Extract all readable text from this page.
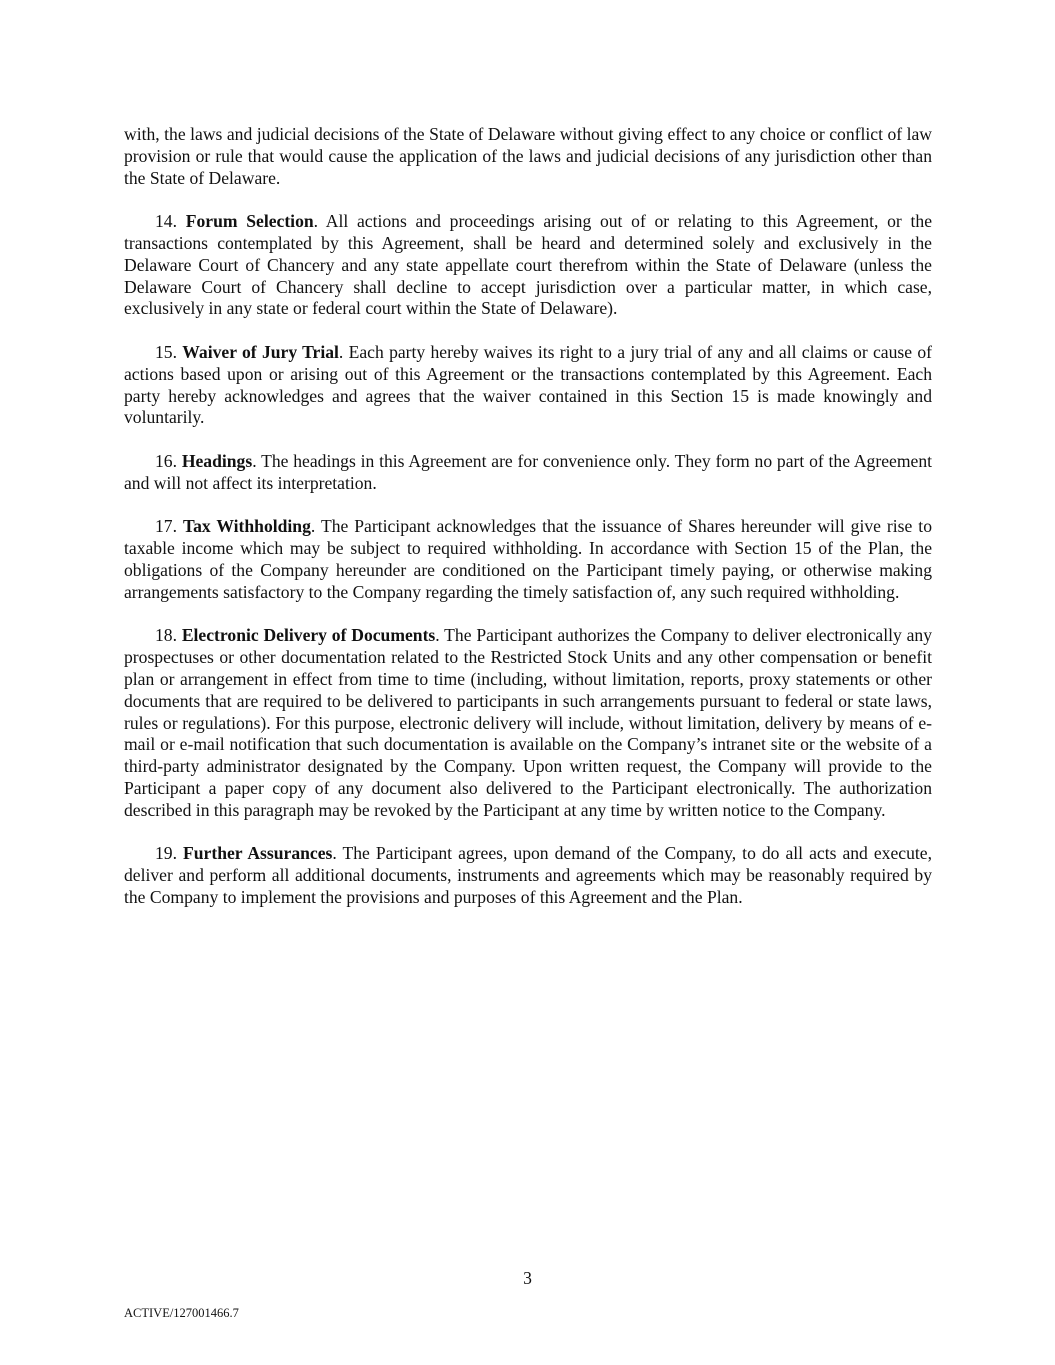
with, the laws and judicial decisions of the State of Delaware without giving effect to any choice or conflict of law provision or rule that would cause the application of the laws and judicial decisions of any jurisdiction other than the State of Delaware.

14. Forum Selection. All actions and proceedings arising out of or relating to this Agreement, or the transactions contemplated by this Agreement, shall be heard and determined solely and exclusively in the Delaware Court of Chancery and any state appellate court therefrom within the State of Delaware (unless the Delaware Court of Chancery shall decline to accept jurisdiction over a particular matter, in which case, exclusively in any state or federal court within the State of Delaware).

15. Waiver of Jury Trial. Each party hereby waives its right to a jury trial of any and all claims or cause of actions based upon or arising out of this Agreement or the transactions contemplated by this Agreement. Each party hereby acknowledges and agrees that the waiver contained in this Section 15 is made knowingly and voluntarily.

16. Headings. The headings in this Agreement are for convenience only. They form no part of the Agreement and will not affect its interpretation.

17. Tax Withholding. The Participant acknowledges that the issuance of Shares hereunder will give rise to taxable income which may be subject to required withholding. In accordance with Section 15 of the Plan, the obligations of the Company hereunder are conditioned on the Participant timely paying, or otherwise making arrangements satisfactory to the Company regarding the timely satisfaction of, any such required withholding.

18. Electronic Delivery of Documents. The Participant authorizes the Company to deliver electronically any prospectuses or other documentation related to the Restricted Stock Units and any other compensation or benefit plan or arrangement in effect from time to time (including, without limitation, reports, proxy statements or other documents that are required to be delivered to participants in such arrangements pursuant to federal or state laws, rules or regulations). For this purpose, electronic delivery will include, without limitation, delivery by means of e-mail or e-mail notification that such documentation is available on the Company’s intranet site or the website of a third-party administrator designated by the Company. Upon written request, the Company will provide to the Participant a paper copy of any document also delivered to the Participant electronically. The authorization described in this paragraph may be revoked by the Participant at any time by written notice to the Company.

19. Further Assurances. The Participant agrees, upon demand of the Company, to do all acts and execute, deliver and perform all additional documents, instruments and agreements which may be reasonably required by the Company to implement the provisions and purposes of this Agreement and the Plan.

3
ACTIVE/127001466.7
